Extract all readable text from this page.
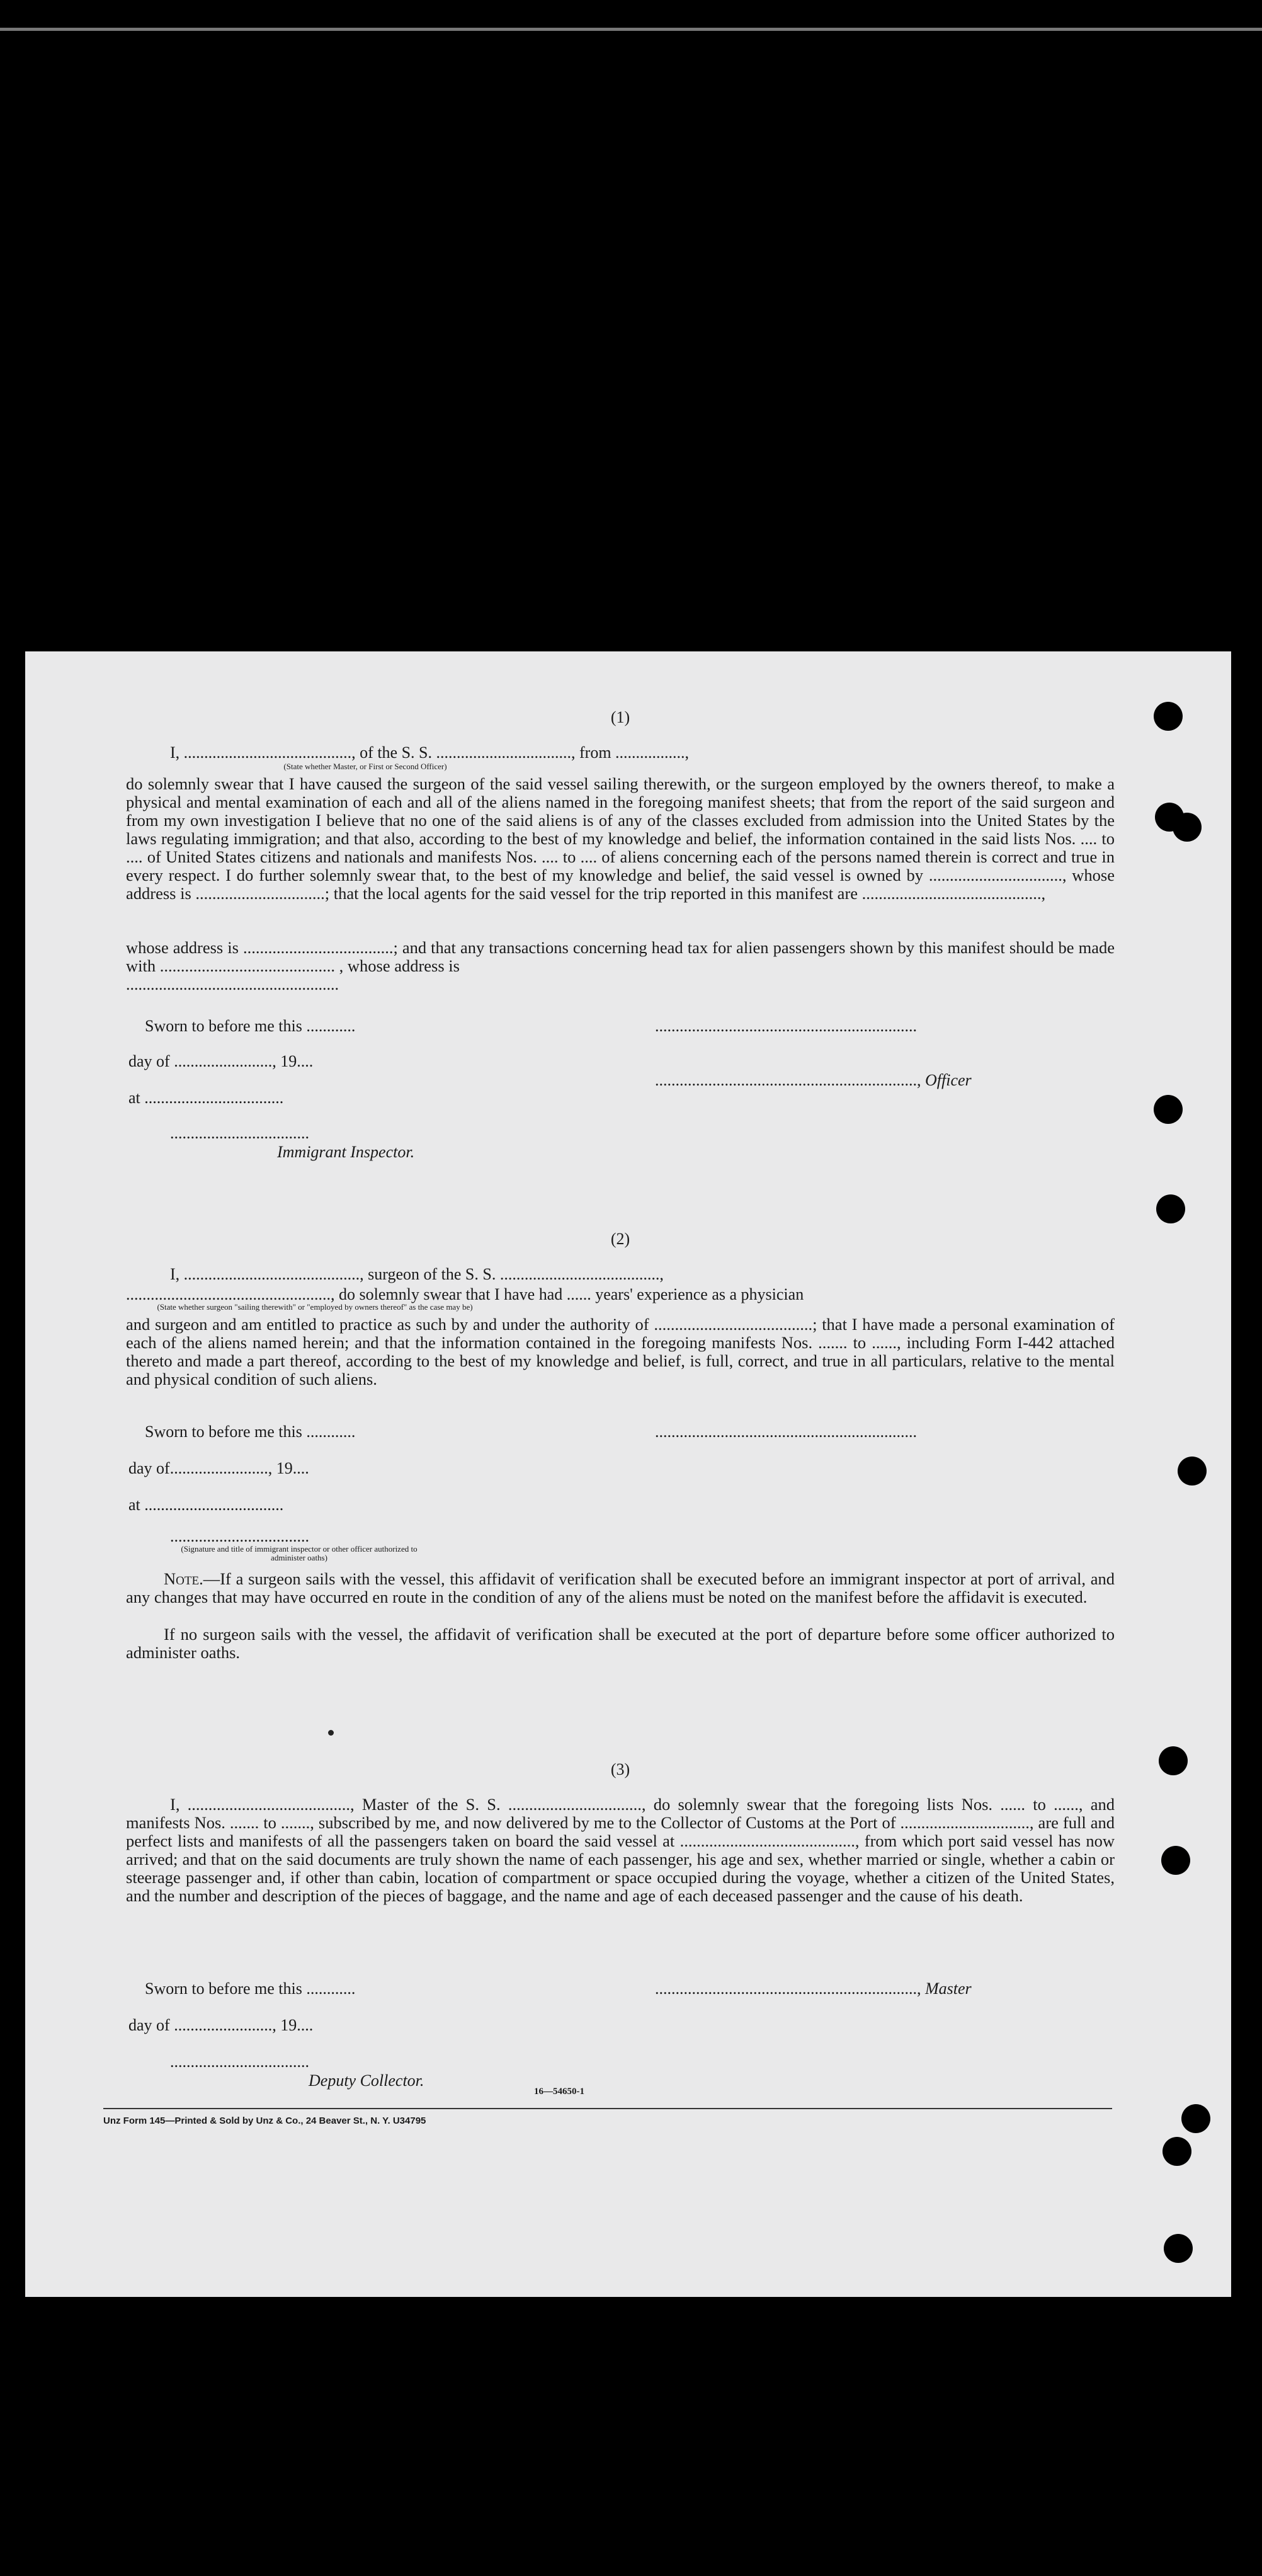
(1)
I, ........................................., of the S. S. ................................., from .................,
(State whether Master, or First or Second Officer)

do solemnly swear that I have caused the surgeon of the said vessel sailing therewith, or the surgeon employed by the owners thereof, to make a physical and mental examination of each and all of the aliens named in the foregoing manifest sheets; that from the report of the said surgeon and from my own investigation I believe that no one of the said aliens is of any of the classes excluded from admission into the United States by the laws regulating immigration; and that also, according to the best of my knowledge and belief, the information contained in the said lists Nos. .... to .... of United States citizens and nationals and manifests Nos. .... to .... of aliens concerning each of the persons named therein is correct and true in every respect. I do further solemnly swear that, to the best of my knowledge and belief, the said vessel is owned by ................................, whose address is ...............................; that the local agents for the said vessel for the trip reported in this manifest are ...........................................,

whose address is ....................................; and that any transactions concerning head tax for alien passengers shown by this manifest should be made with .......................................... , whose address is

....................................................
Sworn to before me this ............	................................................................
day of ........................, 19....
................................................................, Officer
at ..................................
..................................
Immigrant Inspector.
(2)
I, ..........................................., surgeon of the S. S. .......................................,
.................................................., do solemnly swear that I have had ...... years' experience as a physician
(State whether surgeon "sailing therewith" or "employed by owners thereof" as the case may be)

and surgeon and am entitled to practice as such by and under the authority of ......................................; that I have made a personal examination of each of the aliens named herein; and that the information contained in the foregoing manifests Nos. ....... to ......, including Form I-442 attached thereto and made a part thereof, according to the best of my knowledge and belief, is full, correct, and true in all particulars, relative to the mental and physical condition of such aliens.

Sworn to before me this ............	................................................................
day of........................, 19....
at ..................................
..................................
(Signature and title of immigrant inspector or other officer authorized to administer oaths)

Note.—If a surgeon sails with the vessel, this affidavit of verification shall be executed before an immigrant inspector at port of arrival, and any changes that may have occurred en route in the condition of any of the aliens must be noted on the manifest before the affidavit is executed.

If no surgeon sails with the vessel, the affidavit of verification shall be executed at the port of departure before some officer authorized to administer oaths.

(3)

I, ......................................., Master of the S. S. ................................, do solemnly swear that the foregoing lists Nos. ...... to ......, and manifests Nos. ....... to ......., subscribed by me, and now delivered by me to the Collector of Customs at the Port of ..............................., are full and perfect lists and manifests of all the passengers taken on board the said vessel at .........................................., from which port said vessel has now arrived; and that on the said documents are truly shown the name of each passenger, his age and sex, whether married or single, whether a cabin or steerage passenger and, if other than cabin, location of compartment or space occupied during the voyage, whether a citizen of the United States, and the number and description of the pieces of baggage, and the name and age of each deceased passenger and the cause of his death.

Sworn to before me this ............	................................................................, Master
day of ........................, 19....
..................................
Deputy Collector.
16—54650-1
Unz Form 145—Printed & Sold by Unz & Co., 24 Beaver St., N. Y. U34795
